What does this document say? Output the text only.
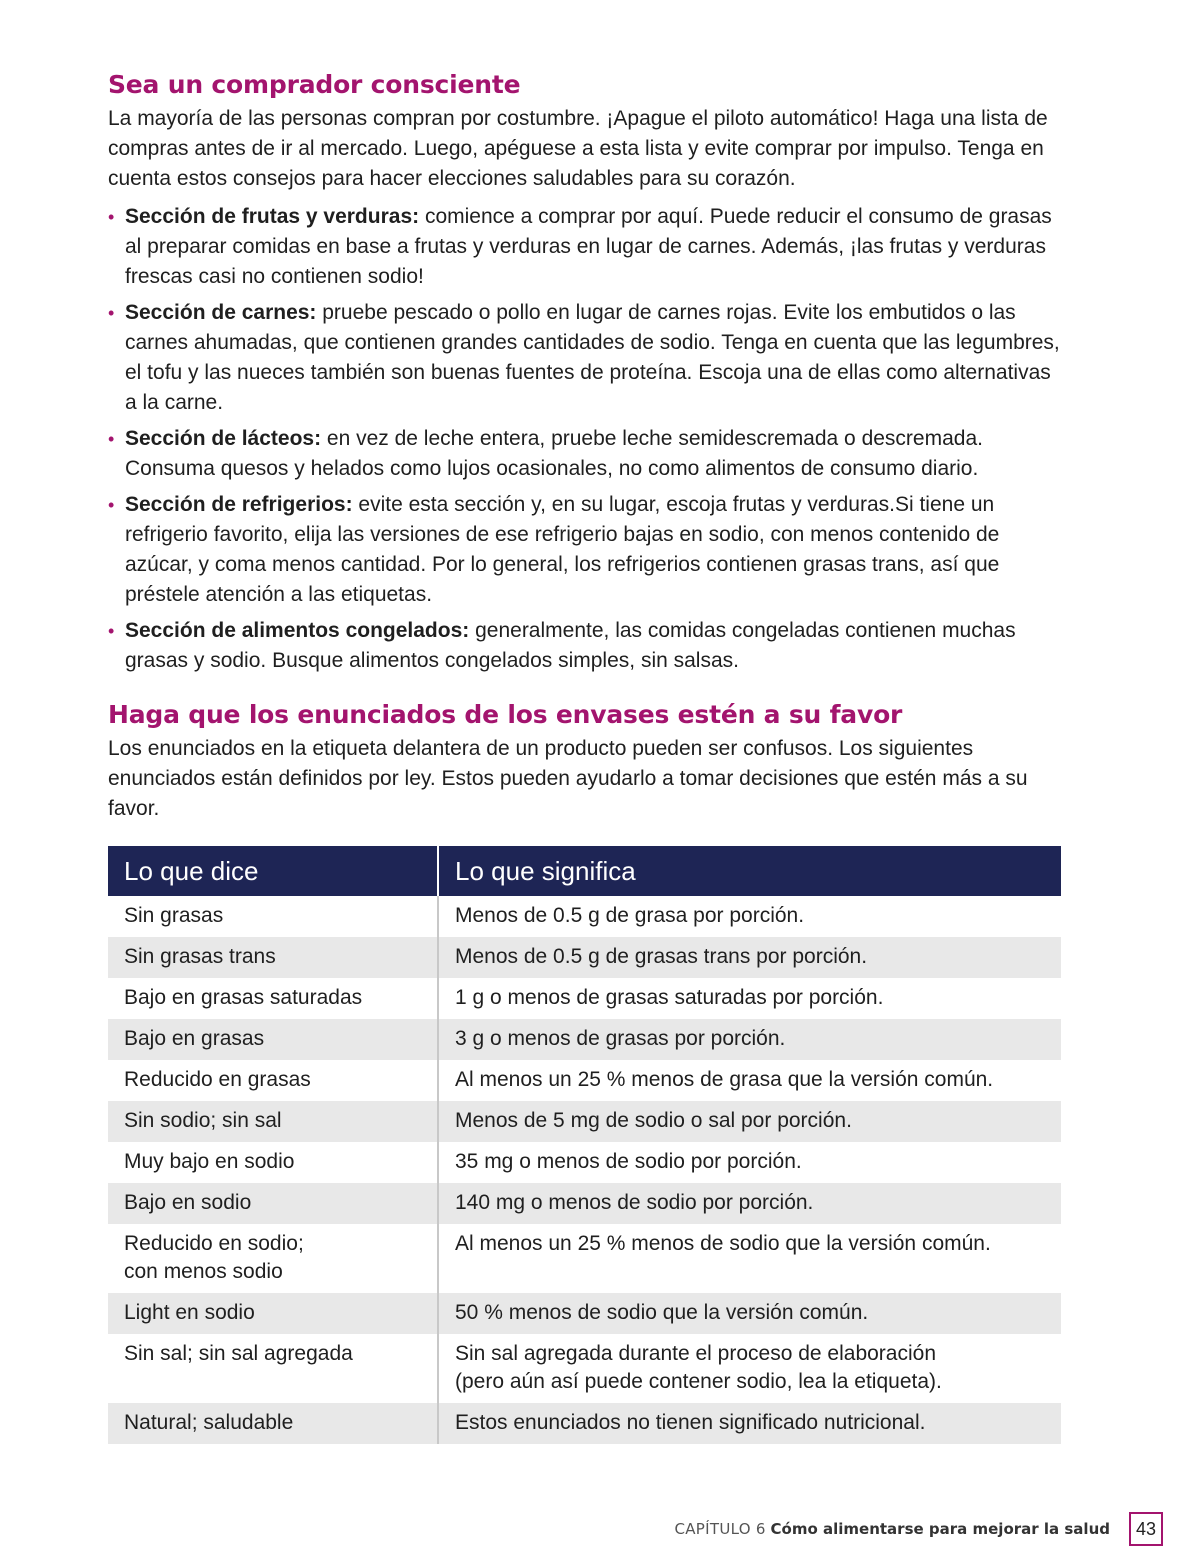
Sea un comprador consciente

La mayoría de las personas compran por costumbre. ¡Apague el piloto automático! Haga una lista de compras antes de ir al mercado. Luego, apéguese a esta lista y evite comprar por impulso. Tenga en cuenta estos consejos para hacer elecciones saludables para su corazón.

• Sección de frutas y verduras: comience a comprar por aquí. Puede reducir el consumo de grasas al preparar comidas en base a frutas y verduras en lugar de carnes. Además, ¡las frutas y verduras frescas casi no contienen sodio!
• Sección de carnes: pruebe pescado o pollo en lugar de carnes rojas. Evite los embutidos o las carnes ahumadas, que contienen grandes cantidades de sodio. Tenga en cuenta que las legumbres, el tofu y las nueces también son buenas fuentes de proteína. Escoja una de ellas como alternativas a la carne.
• Sección de lácteos: en vez de leche entera, pruebe leche semidescremada o descremada. Consuma quesos y helados como lujos ocasionales, no como alimentos de consumo diario.
• Sección de refrigerios: evite esta sección y, en su lugar, escoja frutas y verduras.Si tiene un refrigerio favorito, elija las versiones de ese refrigerio bajas en sodio, con menos contenido de azúcar, y coma menos cantidad. Por lo general, los refrigerios contienen grasas trans, así que préstele atención a las etiquetas.
• Sección de alimentos congelados: generalmente, las comidas congeladas contienen muchas grasas y sodio. Busque alimentos congelados simples, sin salsas.
Haga que los enunciados de los envases estén a su favor

Los enunciados en la etiqueta delantera de un producto pueden ser confusos. Los siguientes enunciados están definidos por ley. Estos pueden ayudarlo a tomar decisiones que estén más a su favor.

Lo que dice	Lo que significa
Sin grasas	Menos de 0.5 g de grasa por porción.
Sin grasas trans	Menos de 0.5 g de grasas trans por porción.
Bajo en grasas saturadas	1 g o menos de grasas saturadas por porción.
Bajo en grasas	3 g o menos de grasas por porción.
Reducido en grasas	Al menos un 25 % menos de grasa que la versión común.
Sin sodio; sin sal	Menos de 5 mg de sodio o sal por porción.
Muy bajo en sodio	35 mg o menos de sodio por porción.
Bajo en sodio	140 mg o menos de sodio por porción.
Reducido en sodio;
con menos sodio	Al menos un 25 % menos de sodio que la versión común.
Light en sodio	50 % menos de sodio que la versión común.
Sin sal; sin sal agregada	Sin sal agregada durante el proceso de elaboración
(pero aún así puede contener sodio, lea la etiqueta).
Natural; saludable	Estos enunciados no tienen significado nutricional.
CAPÍTULO 6 Cómo alimentarse para mejorar la salud	43
